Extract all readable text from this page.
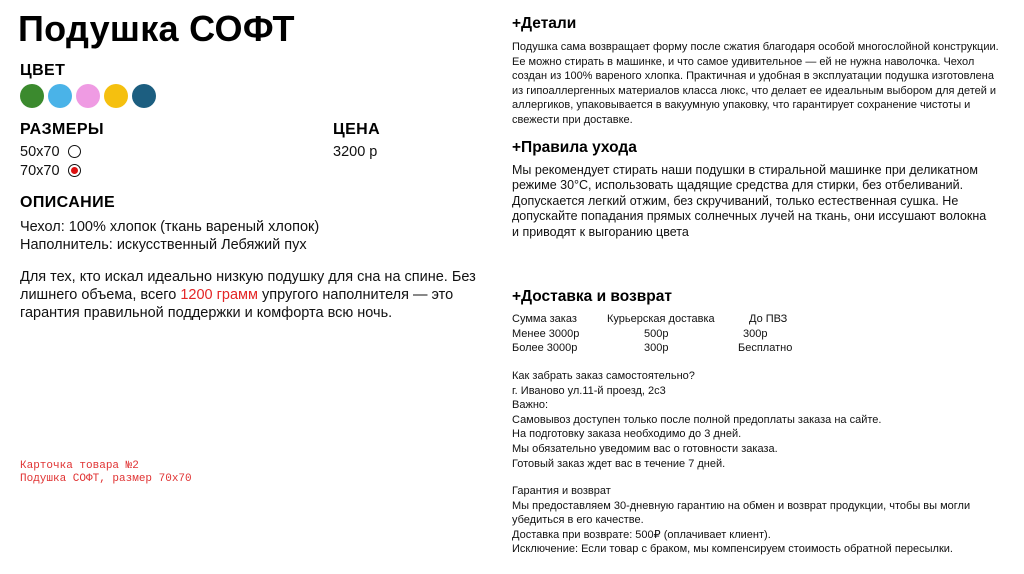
Подушка СОФТ
ЦВЕТ
РАЗМЕРЫ
50х70
70х70
ЦЕНА
3200 р
ОПИСАНИЕ
Чехол: 100% хлопок (ткань вареный хлопок)
Наполнитель: искусственный Лебяжий пух
Для тех, кто искал идеально низкую подушку для сна на спине. Без лишнего объема, всего 1200 грамм упругого наполнителя — это гарантия правильной поддержки и комфорта всю ночь.
Карточка товара №2
Подушка СОФТ, размер 70х70
+Детали
Подушка сама возвращает форму после сжатия благодаря особой многослойной конструкции. Ее можно стирать в машинке, и что самое удивительное — ей не нужна наволочка. Чехол создан из 100% вареного хлопка. Практичная и удобная в эксплуатации подушка изготовлена из гипоаллергенных материалов класса люкс, что делает ее идеальным выбором для детей и аллергиков, упаковывается в вакуумную упаковку, что гарантирует сохранение чистоты и свежести при доставке.
+Правила ухода
Мы рекомендует стирать наши подушки в стиральной машинке при деликатном режиме 30°С, использовать щадящие средства для стирки, без отбеливаний. Допускается легкий отжим, без скручиваний, только естественная сушка. Не допускайте попадания прямых солнечных лучей на ткань, они иссушают волокна и приводят к выгоранию цвета
+Доставка и возврат
Сумма заказ	Курьерская доставка	До ПВЗ
Менее 3000р	500р	300р
Более 3000р	300р	Бесплатно
Как забрать заказ самостоятельно?
г. Иваново ул.11-й проезд, 2с3
Важно:
Самовывоз доступен только после полной предоплаты заказа на сайте.
На подготовку заказа необходимо до 3 дней.
Мы обязательно уведомим вас о готовности заказа.
Готовый заказ ждет вас в течение 7 дней.
Гарантия и возврат
Мы предоставляем 30-дневную гарантию на обмен и возврат продукции, чтобы вы могли убедиться в его качестве.
Доставка при возврате: 500₽ (оплачивает клиент).
Исключение: Если товар с браком, мы компенсируем стоимость обратной пересылки.
